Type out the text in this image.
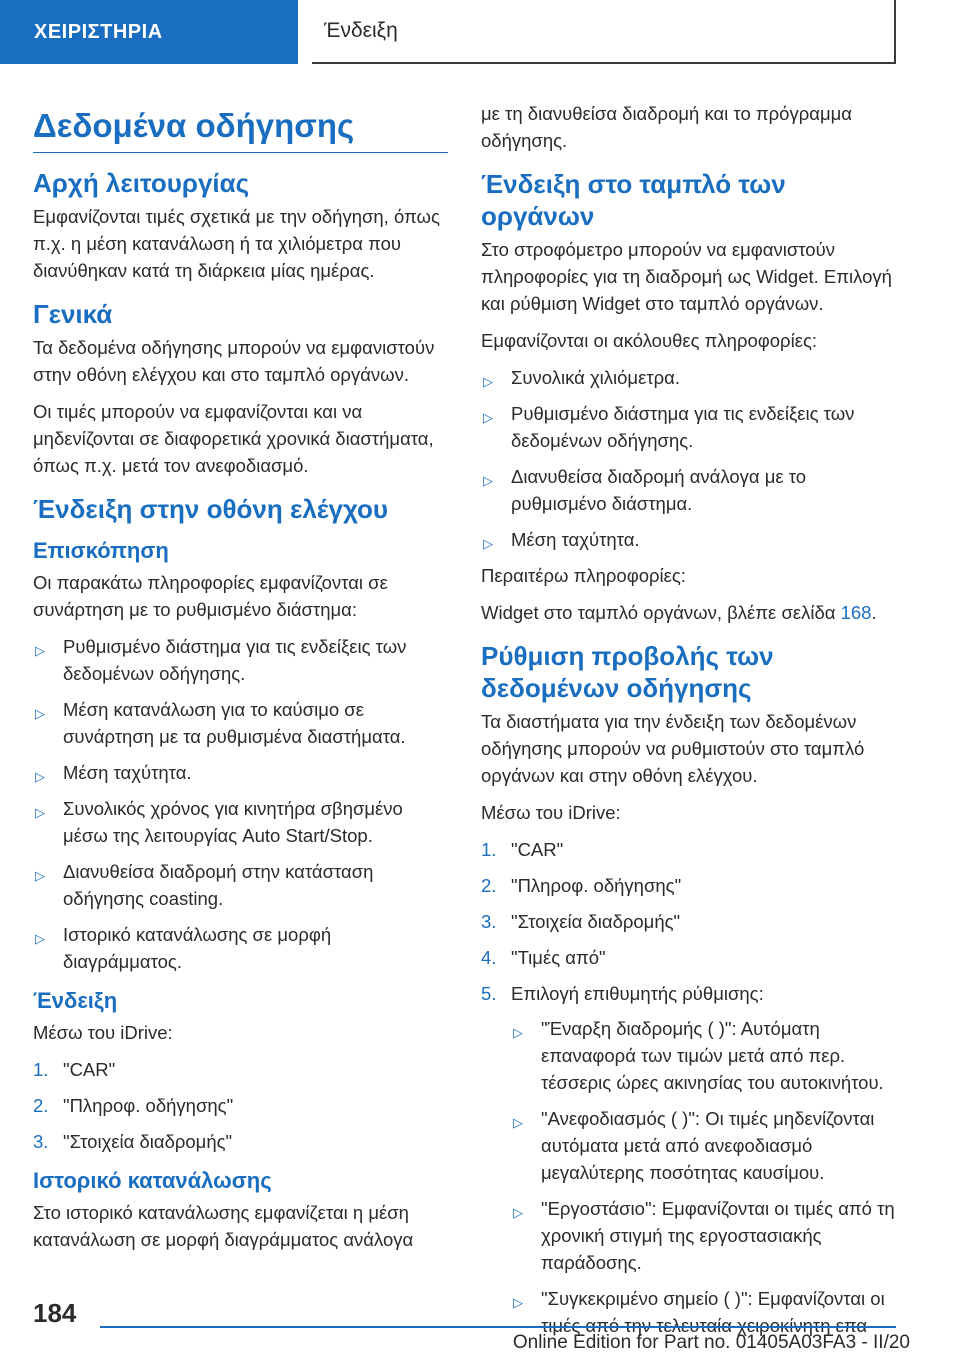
ΧΕΙΡΙΣΤΗΡΙΑ	Ένδειξη
Δεδομένα οδήγησης
Αρχή λειτουργίας
Εμφανίζονται τιμές σχετικά με την οδήγηση, όπως π.χ. η μέση κατανάλωση ή τα χιλιόμετρα που διανύθηκαν κατά τη διάρκεια μίας ημέρας.
Γενικά
Τα δεδομένα οδήγησης μπορούν να εμφανιστούν στην οθόνη ελέγχου και στο ταμπλό οργάνων.
Οι τιμές μπορούν να εμφανίζονται και να μηδενίζονται σε διαφορετικά χρονικά διαστήματα, όπως π.χ. μετά τον ανεφοδιασμό.
Ένδειξη στην οθόνη ελέγχου
Επισκόπηση
Οι παρακάτω πληροφορίες εμφανίζονται σε συνάρτηση με το ρυθμισμένο διάστημα:
▷ Ρυθμισμένο διάστημα για τις ενδείξεις των δεδομένων οδήγησης.
▷ Μέση κατανάλωση για το καύσιμο σε συνάρτηση με τα ρυθμισμένα διαστήματα.
▷ Μέση ταχύτητα.
▷ Συνολικός χρόνος για κινητήρα σβησμένο μέσω της λειτουργίας Auto Start/Stop.
▷ Διανυθείσα διαδρομή στην κατάσταση οδήγησης coasting.
▷ Ιστορικό κατανάλωσης σε μορφή διαγράμματος.
Ένδειξη
Μέσω του iDrive:
1. "CAR"
2. "Πληροφ. οδήγησης"
3. "Στοιχεία διαδρομής"
Ιστορικό κατανάλωσης
Στο ιστορικό κατανάλωσης εμφανίζεται η μέση κατανάλωση σε μορφή διαγράμματος ανάλογα
με τη διανυθείσα διαδρομή και το πρόγραμμα οδήγησης.
Ένδειξη στο ταμπλό των οργάνων
Στο στροφόμετρο μπορούν να εμφανιστούν πληροφορίες για τη διαδρομή ως Widget. Επιλογή και ρύθμιση Widget στο ταμπλό οργάνων.
Εμφανίζονται οι ακόλουθες πληροφορίες:
▷ Συνολικά χιλιόμετρα.
▷ Ρυθμισμένο διάστημα για τις ενδείξεις των δεδομένων οδήγησης.
▷ Διανυθείσα διαδρομή ανάλογα με το ρυθμισμένο διάστημα.
▷ Μέση ταχύτητα.
Περαιτέρω πληροφορίες:
Widget στο ταμπλό οργάνων, βλέπε σελίδα 168.
Ρύθμιση προβολής των δεδομένων οδήγησης
Τα διαστήματα για την ένδειξη των δεδομένων οδήγησης μπορούν να ρυθμιστούν στο ταμπλό οργάνων και στην οθόνη ελέγχου.
Μέσω του iDrive:
1. "CAR"
2. "Πληροφ. οδήγησης"
3. "Στοιχεία διαδρομής"
4. "Τιμές από"
5. Επιλογή επιθυμητής ρύθμισης:
▷ "Έναρξη διαδρομής ( )": Αυτόματη επαναφορά των τιμών μετά από περ. τέσσερις ώρες ακινησίας του αυτοκινήτου.
▷ "Ανεφοδιασμός ( )": Οι τιμές μηδενίζονται αυτόματα μετά από ανεφοδιασμό μεγαλύτερης ποσότητας καυσίμου.
▷ "Εργοστάσιο": Εμφανίζονται οι τιμές από τη χρονική στιγμή της εργοστασιακής παράδοσης.
▷ "Συγκεκριμένο σημείο ( )": Εμφανίζονται οι τιμές από την τελευταία χειροκίνητη επα-
184
Online Edition for Part no. 01405A03FA3 - II/20
